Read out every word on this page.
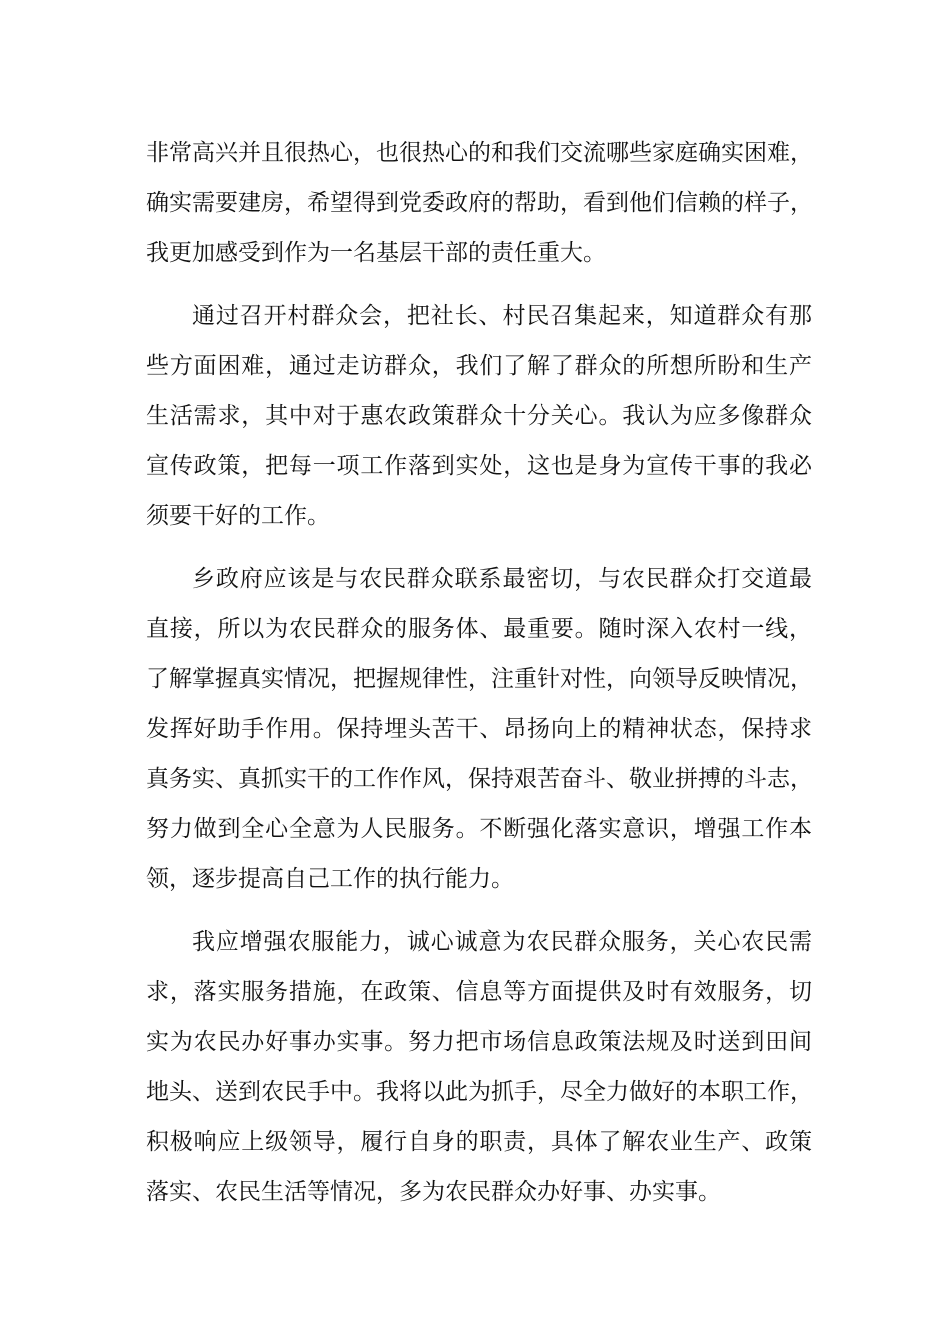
非常高兴并且很热心，也很热心的和我们交流哪些家庭确实困难，
确实需要建房，希望得到党委政府的帮助，看到他们信赖的样子，
我更加感受到作为一名基层干部的责任重大。
通过召开村群众会，把社长、村民召集起来，知道群众有那
些方面困难，通过走访群众，我们了解了群众的所想所盼和生产
生活需求，其中对于惠农政策群众十分关心。我认为应多像群众
宣传政策，把每一项工作落到实处，这也是身为宣传干事的我必
须要干好的工作。
乡政府应该是与农民群众联系最密切，与农民群众打交道最
直接，所以为农民群众的服务体、最重要。随时深入农村一线，
了解掌握真实情况，把握规律性，注重针对性，向领导反映情况，
发挥好助手作用。保持埋头苦干、昂扬向上的精神状态，保持求
真务实、真抓实干的工作作风，保持艰苦奋斗、敬业拼搏的斗志，
努力做到全心全意为人民服务。不断强化落实意识，增强工作本
领，逐步提高自己工作的执行能力。
我应增强农服能力，诚心诚意为农民群众服务，关心农民需
求，落实服务措施，在政策、信息等方面提供及时有效服务，切
实为农民办好事办实事。努力把市场信息政策法规及时送到田间
地头、送到农民手中。我将以此为抓手，尽全力做好的本职工作，
积极响应上级领导，履行自身的职责，具体了解农业生产、政策
落实、农民生活等情况，多为农民群众办好事、办实事。
